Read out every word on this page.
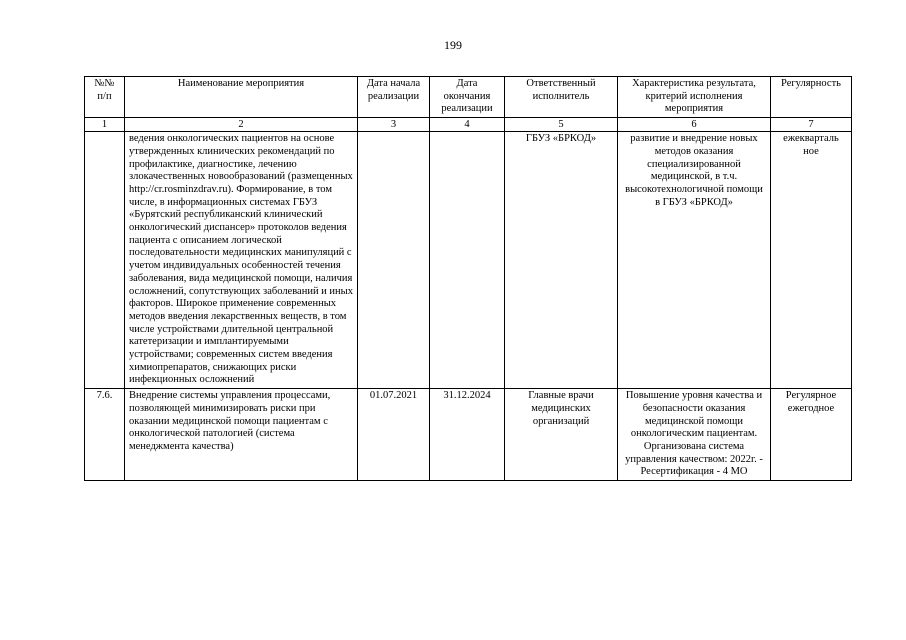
199
№№ п/п	Наименование мероприятия	Дата начала реализации	Дата окончания реализации	Ответственный исполнитель	Характеристика результата, критерий исполнения мероприятия	Регулярность
1	2	3	4	5	6	7
	ведения онкологических пациентов на основе утвержденных клинических рекомендаций по профилактике, диагностике, лечению злокачественных новообразований (размещенных http://cr.rosminzdrav.ru). Формирование, в том числе, в информационных системах ГБУЗ «Бурятский республиканский клинический онкологический диспансер» протоколов ведения пациента с описанием логической последовательности медицинских манипуляций с учетом индивидуальных особенностей течения заболевания, вида медицинской помощи, наличия осложнений, сопутствующих заболеваний и иных факторов. Широкое применение современных методов введения лекарственных веществ, в том числе устройствами длительной центральной катетеризации и имплантируемыми устройствами; современных систем введения химиопрепаратов, снижающих риски инфекционных осложнений			ГБУЗ «БРКОД»	развитие и внедрение новых методов оказания специализированной медицинской, в т.ч. высокотехнологичной помощи в ГБУЗ «БРКОД»	ежекварталь ное
7.6.	Внедрение системы управления процессами, позволяющей минимизировать риски при оказании медицинской помощи пациентам с онкологической патологией (система менеджмента качества)	01.07.2021	31.12.2024	Главные врачи медицинских организаций	Повышение уровня качества и безопасности оказания медицинской помощи онкологическим пациентам. Организована система управления качеством: 2022г. - Ресертификация - 4 МО	Регулярное ежегодное
